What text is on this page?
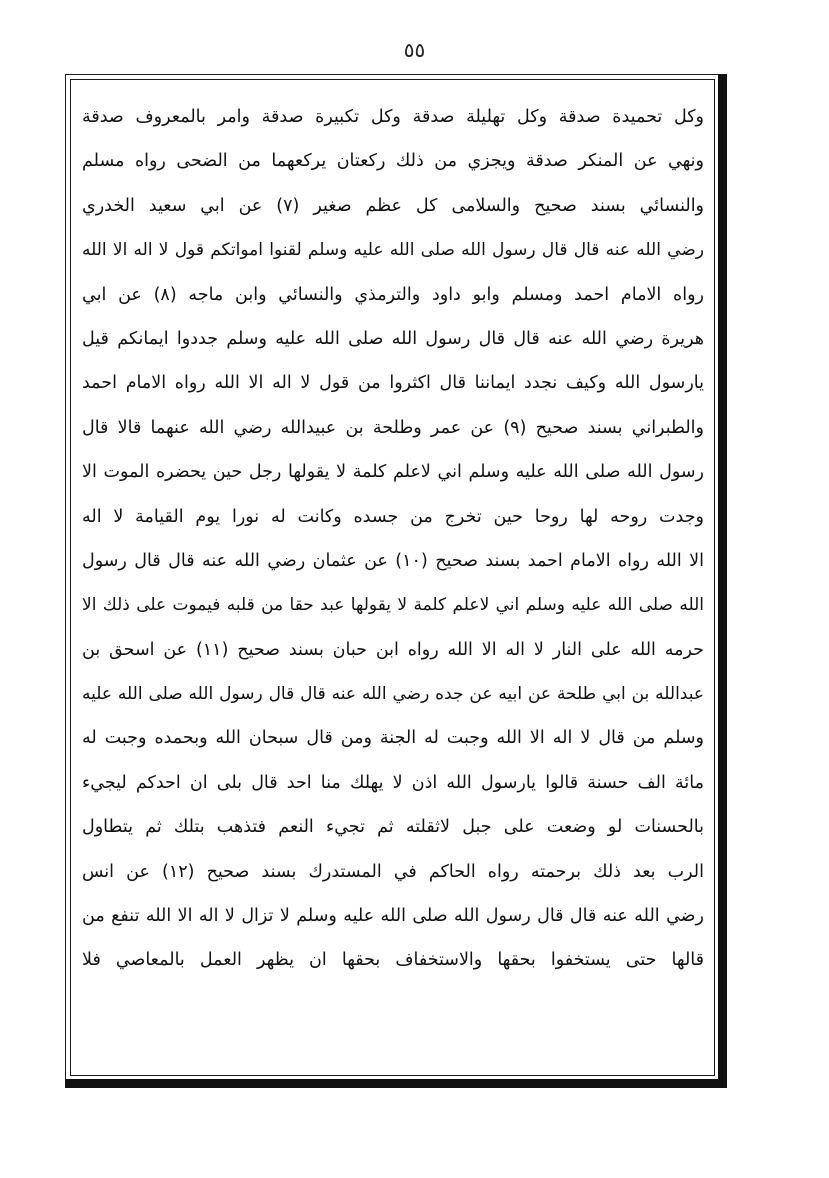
٥٥
وكل تحميدة صدقة وكل تهليلة صدقة وكل تكبيرة صدقة وامر بالمعروف صدقة
ونهي عن المنكر صدقة ويجزي من ذلك ركعتان يركعهما من الضحى رواه مسلم
والنسائي بسند صحيح والسلامى كل عظم صغير (٧) عن ابي سعيد الخدري
رضي الله عنه قال قال رسول الله صلى الله عليه وسلم لقنوا امواتكم قول لا اله الا الله
رواه الامام احمد ومسلم وابو داود والترمذي والنسائي وابن ماجه (٨) عن ابي
هريرة رضي الله عنه قال قال رسول الله صلى الله عليه وسلم جددوا ايمانكم قيل
يارسول الله وكيف نجدد ايماننا قال اكثروا من قول لا اله الا الله رواه الامام احمد
والطبراني بسند صحيح (٩) عن عمر وطلحة بن عبيدالله رضي الله عنهما قالا قال
رسول الله صلى الله عليه وسلم اني لاعلم كلمة لا يقولها رجل حين يحضره الموت الا
وجدت روحه لها روحا حين تخرج من جسده وكانت له نورا يوم القيامة لا اله
الا الله رواه الامام احمد بسند صحيح (١٠) عن عثمان رضي الله عنه قال قال رسول
الله صلى الله عليه وسلم اني لاعلم كلمة لا يقولها عبد حقا من قلبه فيموت على ذلك الا
حرمه الله على النار لا اله الا الله رواه ابن حبان بسند صحيح (١١) عن اسحق بن
عبدالله بن ابي طلحة عن ابيه عن جده رضي الله عنه قال قال رسول الله صلى الله عليه
وسلم من قال لا اله الا الله وجبت له الجنة ومن قال سبحان الله وبحمده وجبت له
مائة الف حسنة قالوا يارسول الله اذن لا يهلك منا احد قال بلى ان احدكم ليجيء
بالحسنات لو وضعت على جبل لاثقلته ثم تجيء النعم فتذهب بتلك ثم يتطاول
الرب بعد ذلك برحمته رواه الحاكم في المستدرك بسند صحيح (١٢) عن انس
رضي الله عنه قال قال رسول الله صلى الله عليه وسلم لا تزال لا اله الا الله تنفع من
قالها حتى يستخفوا بحقها والاستخفاف بحقها ان يظهر العمل بالمعاصي فلا
